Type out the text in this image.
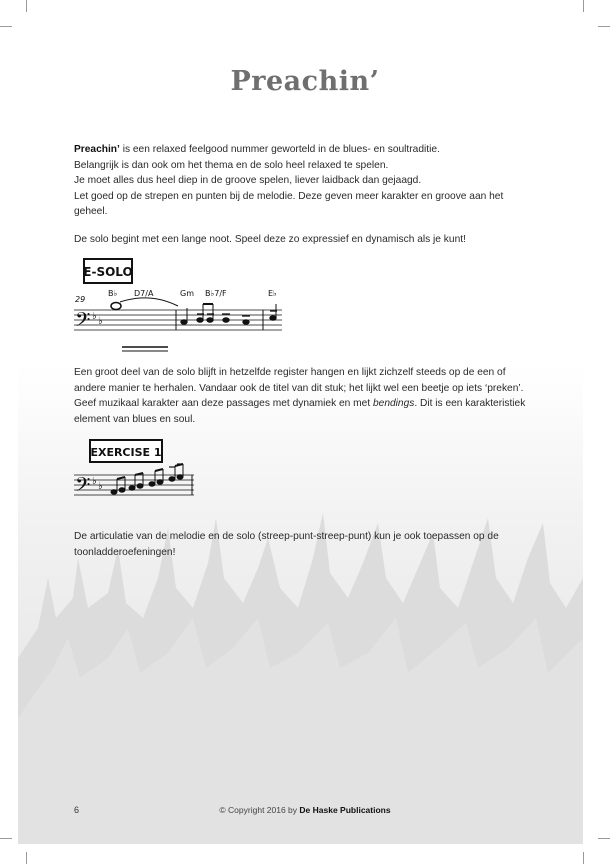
Preachin’
Preachin’ is een relaxed feelgood nummer geworteld in de blues- en soultraditie.
Belangrijk is dan ook om het thema en de solo heel relaxed te spelen.
Je moet alles dus heel diep in de groove spelen, liever laidback dan gejaagd.
Let goed op de strepen en punten bij de melodie. Deze geven meer karakter en groove aan het
geheel.
De solo begint met een lange noot. Speel deze zo expressief en dynamisch als je kunt!
E-SOLO
29
B♭ D7/A	Gm B♭7/F	E♭
𝄢 ♭ ♭
Een groot deel van de solo blijft in hetzelfde register hangen en lijkt zichzelf steeds op de een of
andere manier te herhalen. Vandaar ook de titel van dit stuk; het lijkt wel een beetje op iets ‘preken’.
Geef muzikaal karakter aan deze passages met dynamiek en met bendings. Dit is een karakteristiek
element van blues en soul.
EXERCISE 1
𝄢 ♭ ♭
De articulatie van de melodie en de solo (streep-punt-streep-punt) kun je ook toepassen op de
toonladderoefeningen!
6	© Copyright 2016 by De Haske Publications
